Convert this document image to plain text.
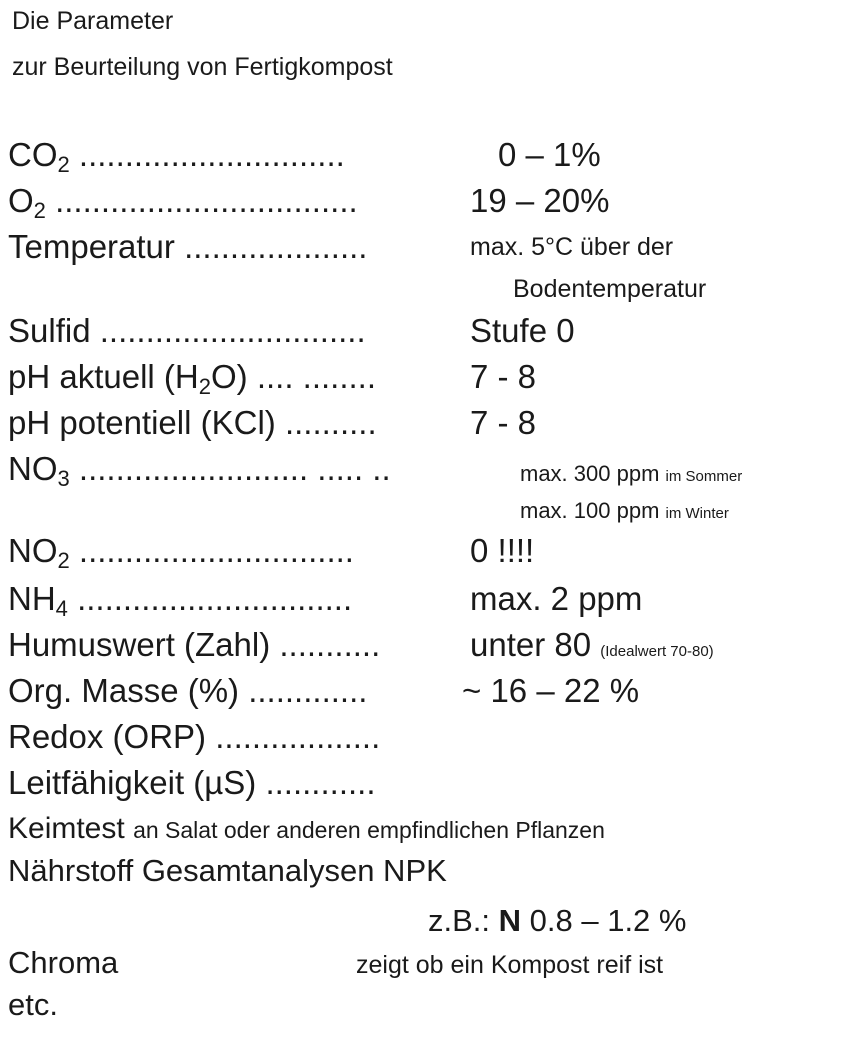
Die Parameter
zur Beurteilung von Fertigkompost
$CO_2$ .............................	0 – 1%
$O_2$ .................................	19 – 20%
Temperatur ....................	max. 5°C über der
Bodentemperatur
Sulfid .............................	Stufe 0
pH aktuell $(H_2O)$ .... ........	7 - 8
pH potentiell (KCl) ..........	7 - 8
$NO_3$ ......................... ..... ..	max. 300 ppm im Sommer
max. 100 ppm im Winter
$NO_2$ ..............................	0 !!!!
$NH_4$ ..............................	max. 2 ppm
Humuswert (Zahl) ...........	unter 80 (Idealwert 70-80)
Org. Masse (%) .............	~ 16 – 22 %
Redox (ORP) ..................
Leitfähigkeit (µS) ............
Keimtest an Salat oder anderen empfindlichen Pflanzen
Nährstoff Gesamtanalysen NPK
z.B.: N 0.8 – 1.2 %
Chroma	zeigt ob ein Kompost reif ist
etc.
